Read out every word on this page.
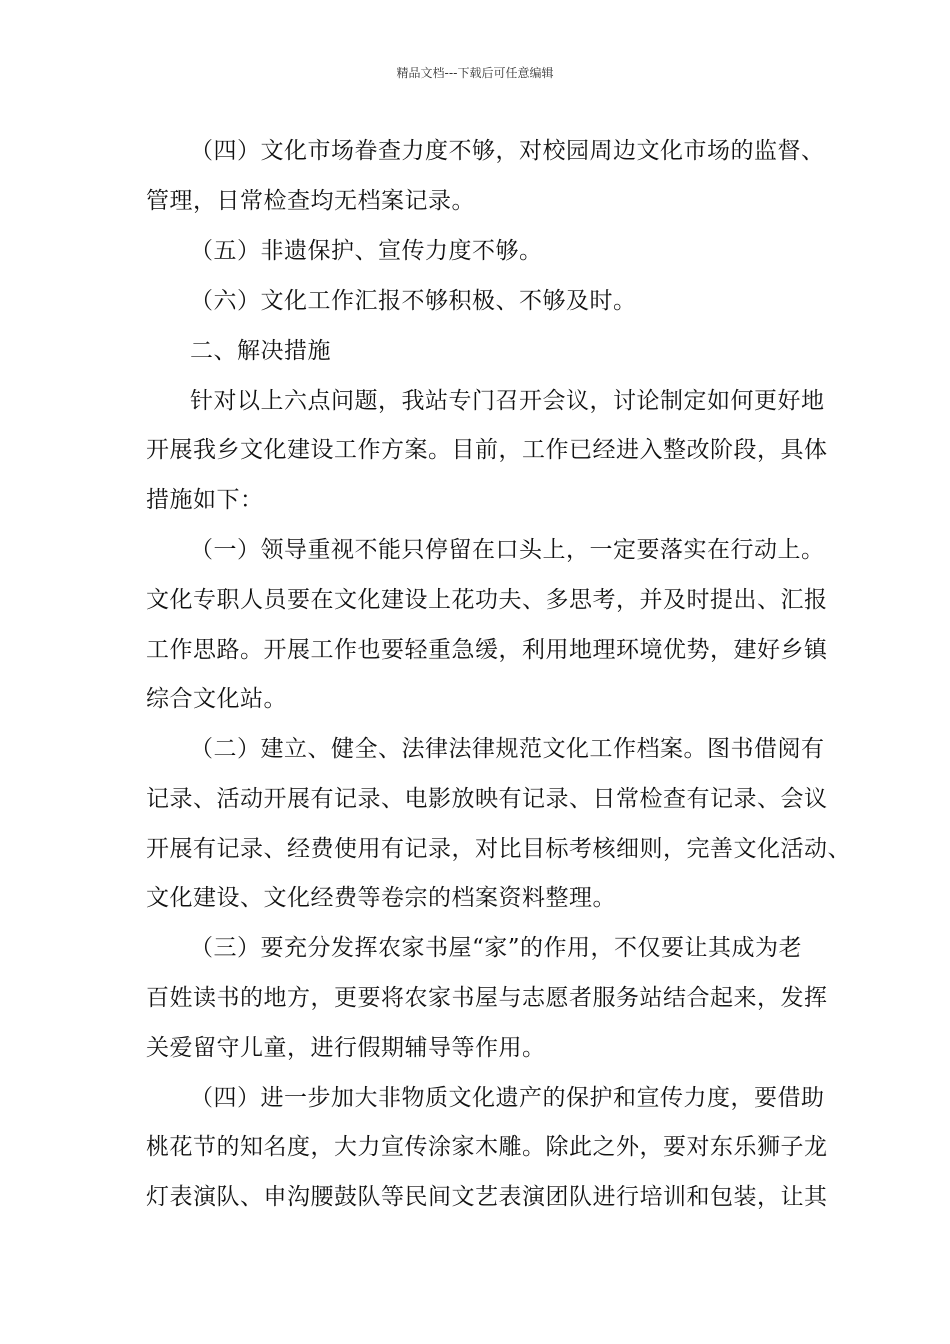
精品文档---下载后可任意编辑
（四）文化市场眷查力度不够，对校园周边文化市场的监督、
管理，日常检查均无档案记录。
（五）非遗保护、宣传力度不够。
（六）文化工作汇报不够积极、不够及时。
二、解决措施
针对以上六点问题，我站专门召开会议，讨论制定如何更好地
开展我乡文化建设工作方案。目前，工作已经进入整改阶段，具体
措施如下：
（一）领导重视不能只停留在口头上，一定要落实在行动上。
文化专职人员要在文化建设上花功夫、多思考，并及时提出、汇报
工作思路。开展工作也要轻重急缓，利用地理环境优势，建好乡镇
综合文化站。
（二）建立、健全、法律法律规范文化工作档案。图书借阅有
记录、活动开展有记录、电影放映有记录、日常检查有记录、会议
开展有记录、经费使用有记录，对比目标考核细则，完善文化活动、
文化建设、文化经费等卷宗的档案资料整理。
（三）要充分发挥农家书屋“家”的作用，不仅要让其成为老
百姓读书的地方，更要将农家书屋与志愿者服务站结合起来，发挥
关爱留守儿童，进行假期辅导等作用。
（四）进一步加大非物质文化遗产的保护和宣传力度，要借助
桃花节的知名度，大力宣传涂家木雕。除此之外，要对东乐狮子龙
灯表演队、申沟腰鼓队等民间文艺表演团队进行培训和包装，让其
